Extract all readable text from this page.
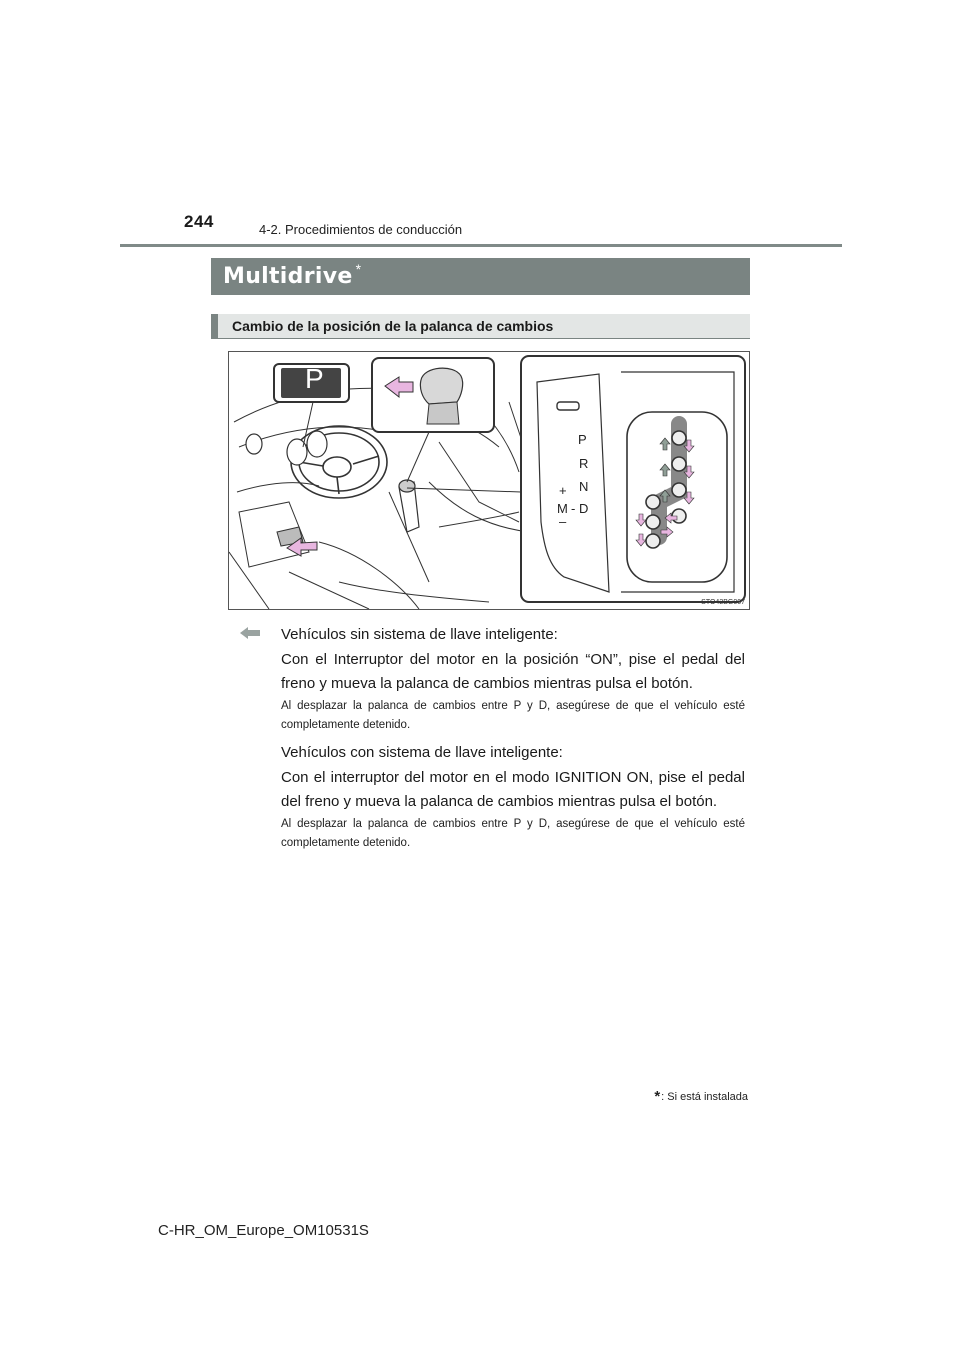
244	4-2. Procedimientos de conducción
Multidrive *
Cambio de la posición de la palanca de cambios
P
P
R
N
D
M -
+
–
STO42BG007
Vehículos sin sistema de llave inteligente:
Con el Interruptor del motor en la posición “ON”, pise el pedal del freno y mueva la palanca de cambios mientras pulsa el botón.
Al desplazar la palanca de cambios entre P y D, asegúrese de que el vehículo esté completamente detenido.
Vehículos con sistema de llave inteligente:
Con el interruptor del motor en el modo IGNITION ON, pise el pedal del freno y mueva la palanca de cambios mientras pulsa el botón.
Al desplazar la palanca de cambios entre P y D, asegúrese de que el vehículo esté completamente detenido.
*: Si está instalada
C-HR_OM_Europe_OM10531S
